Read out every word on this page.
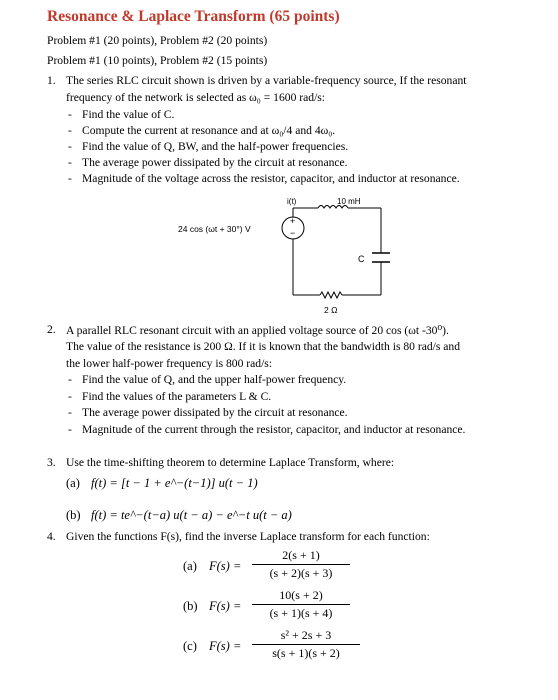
Resonance & Laplace Transform (65 points)
Problem #1 (20 points), Problem #2 (20 points)
Problem #1 (10 points), Problem #2 (15 points)
1. The series RLC circuit shown is driven by a variable-frequency source, If the resonant
frequency of the network is selected as ω₀ = 1600 rad/s:
- Find the value of C.
- Compute the current at resonance and at ω₀/4 and 4ω₀.
- Find the value of Q, BW, and the half-power frequencies.
- The average power dissipated by the circuit at resonance.
- Magnitude of the voltage across the resistor, capacitor, and inductor at resonance.
+
−
i(t)	10 mH
24 cos (ωt + 30°) V
C
2 Ω
2. A parallel RLC resonant circuit with an applied voltage source of 20 cos (ωt -30⁰).
The value of the resistance is 200 Ω. If it is known that the bandwidth is 80 rad/s and
the lower half-power frequency is 800 rad/s:
- Find the value of Q, and the upper half-power frequency.
- Find the values of the parameters L & C.
- The average power dissipated by the circuit at resonance.
- Magnitude of the current through the resistor, capacitor, and inductor at resonance.
3. Use the time-shifting theorem to determine Laplace Transform, where:
(a) f(t) = [t − 1 + e^−(t−1)] u(t − 1)
(b) f(t) = te^−(t−a) u(t − a) − e^−t u(t − a)
4. Given the functions F(s), find the inverse Laplace transform for each function:
(a) F(s) =
2(s + 1)
(s + 2)(s + 3)
(b) F(s) =
10(s + 2)
(s + 1)(s + 4)
(c) F(s) =
s² + 2s + 3
s(s + 1)(s + 2)
